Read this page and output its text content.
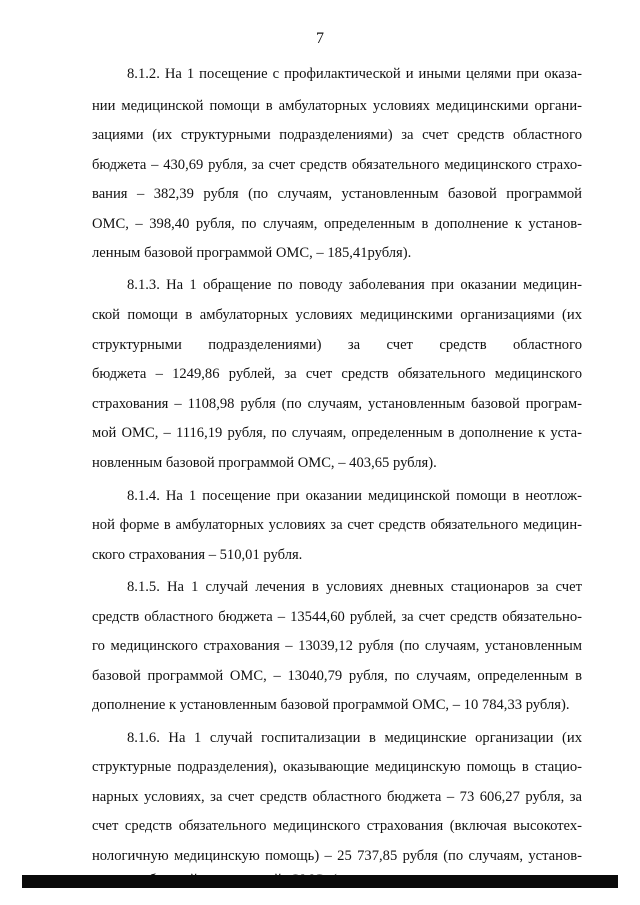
7
8.1.2. На 1 посещение с профилактической и иными целями при оказа-
нии медицинской помощи в амбулаторных условиях медицинскими органи-
зациями (их структурными подразделениями) за счет средств областного
бюджета – 430,69 рубля, за счет средств обязательного медицинского страхо-
вания – 382,39 рубля (по случаям, установленным базовой программой
ОМС, – 398,40 рубля, по случаям, определенным в дополнение к установ-
ленным базовой программой ОМС, – 185,41рубля).
8.1.3. На 1 обращение по поводу заболевания при оказании медицин-
ской помощи в амбулаторных условиях медицинскими организациями (их
структурными подразделениями) за счет средств областного
бюджета – 1249,86 рублей, за счет средств обязательного медицинского
страхования – 1108,98 рубля (по случаям, установленным базовой програм-
мой ОМС, – 1116,19 рубля, по случаям, определенным в дополнение к уста-
новленным базовой программой ОМС, – 403,65 рубля).
8.1.4. На 1 посещение при оказании медицинской помощи в неотлож-
ной форме в амбулаторных условиях за счет средств обязательного медицин-
ского страхования – 510,01 рубля.
8.1.5. На 1 случай лечения в условиях дневных стационаров за счет
средств областного бюджета – 13544,60 рублей, за счет средств обязательно-
го медицинского страхования – 13039,12 рубля (по случаям, установленным
базовой программой ОМС, – 13040,79 рубля, по случаям, определенным в
дополнение к установленным базовой программой ОМС, – 10 784,33 рубля).
8.1.6. На 1 случай госпитализации в медицинские организации (их
структурные подразделения), оказывающие медицинскую помощь в стацио-
нарных условиях, за счет средств областного бюджета – 73 606,27 рубля, за
счет средств обязательного медицинского страхования (включая высокотех-
нологичную медицинскую помощь) – 25 737,85 рубля (по случаям, установ-
